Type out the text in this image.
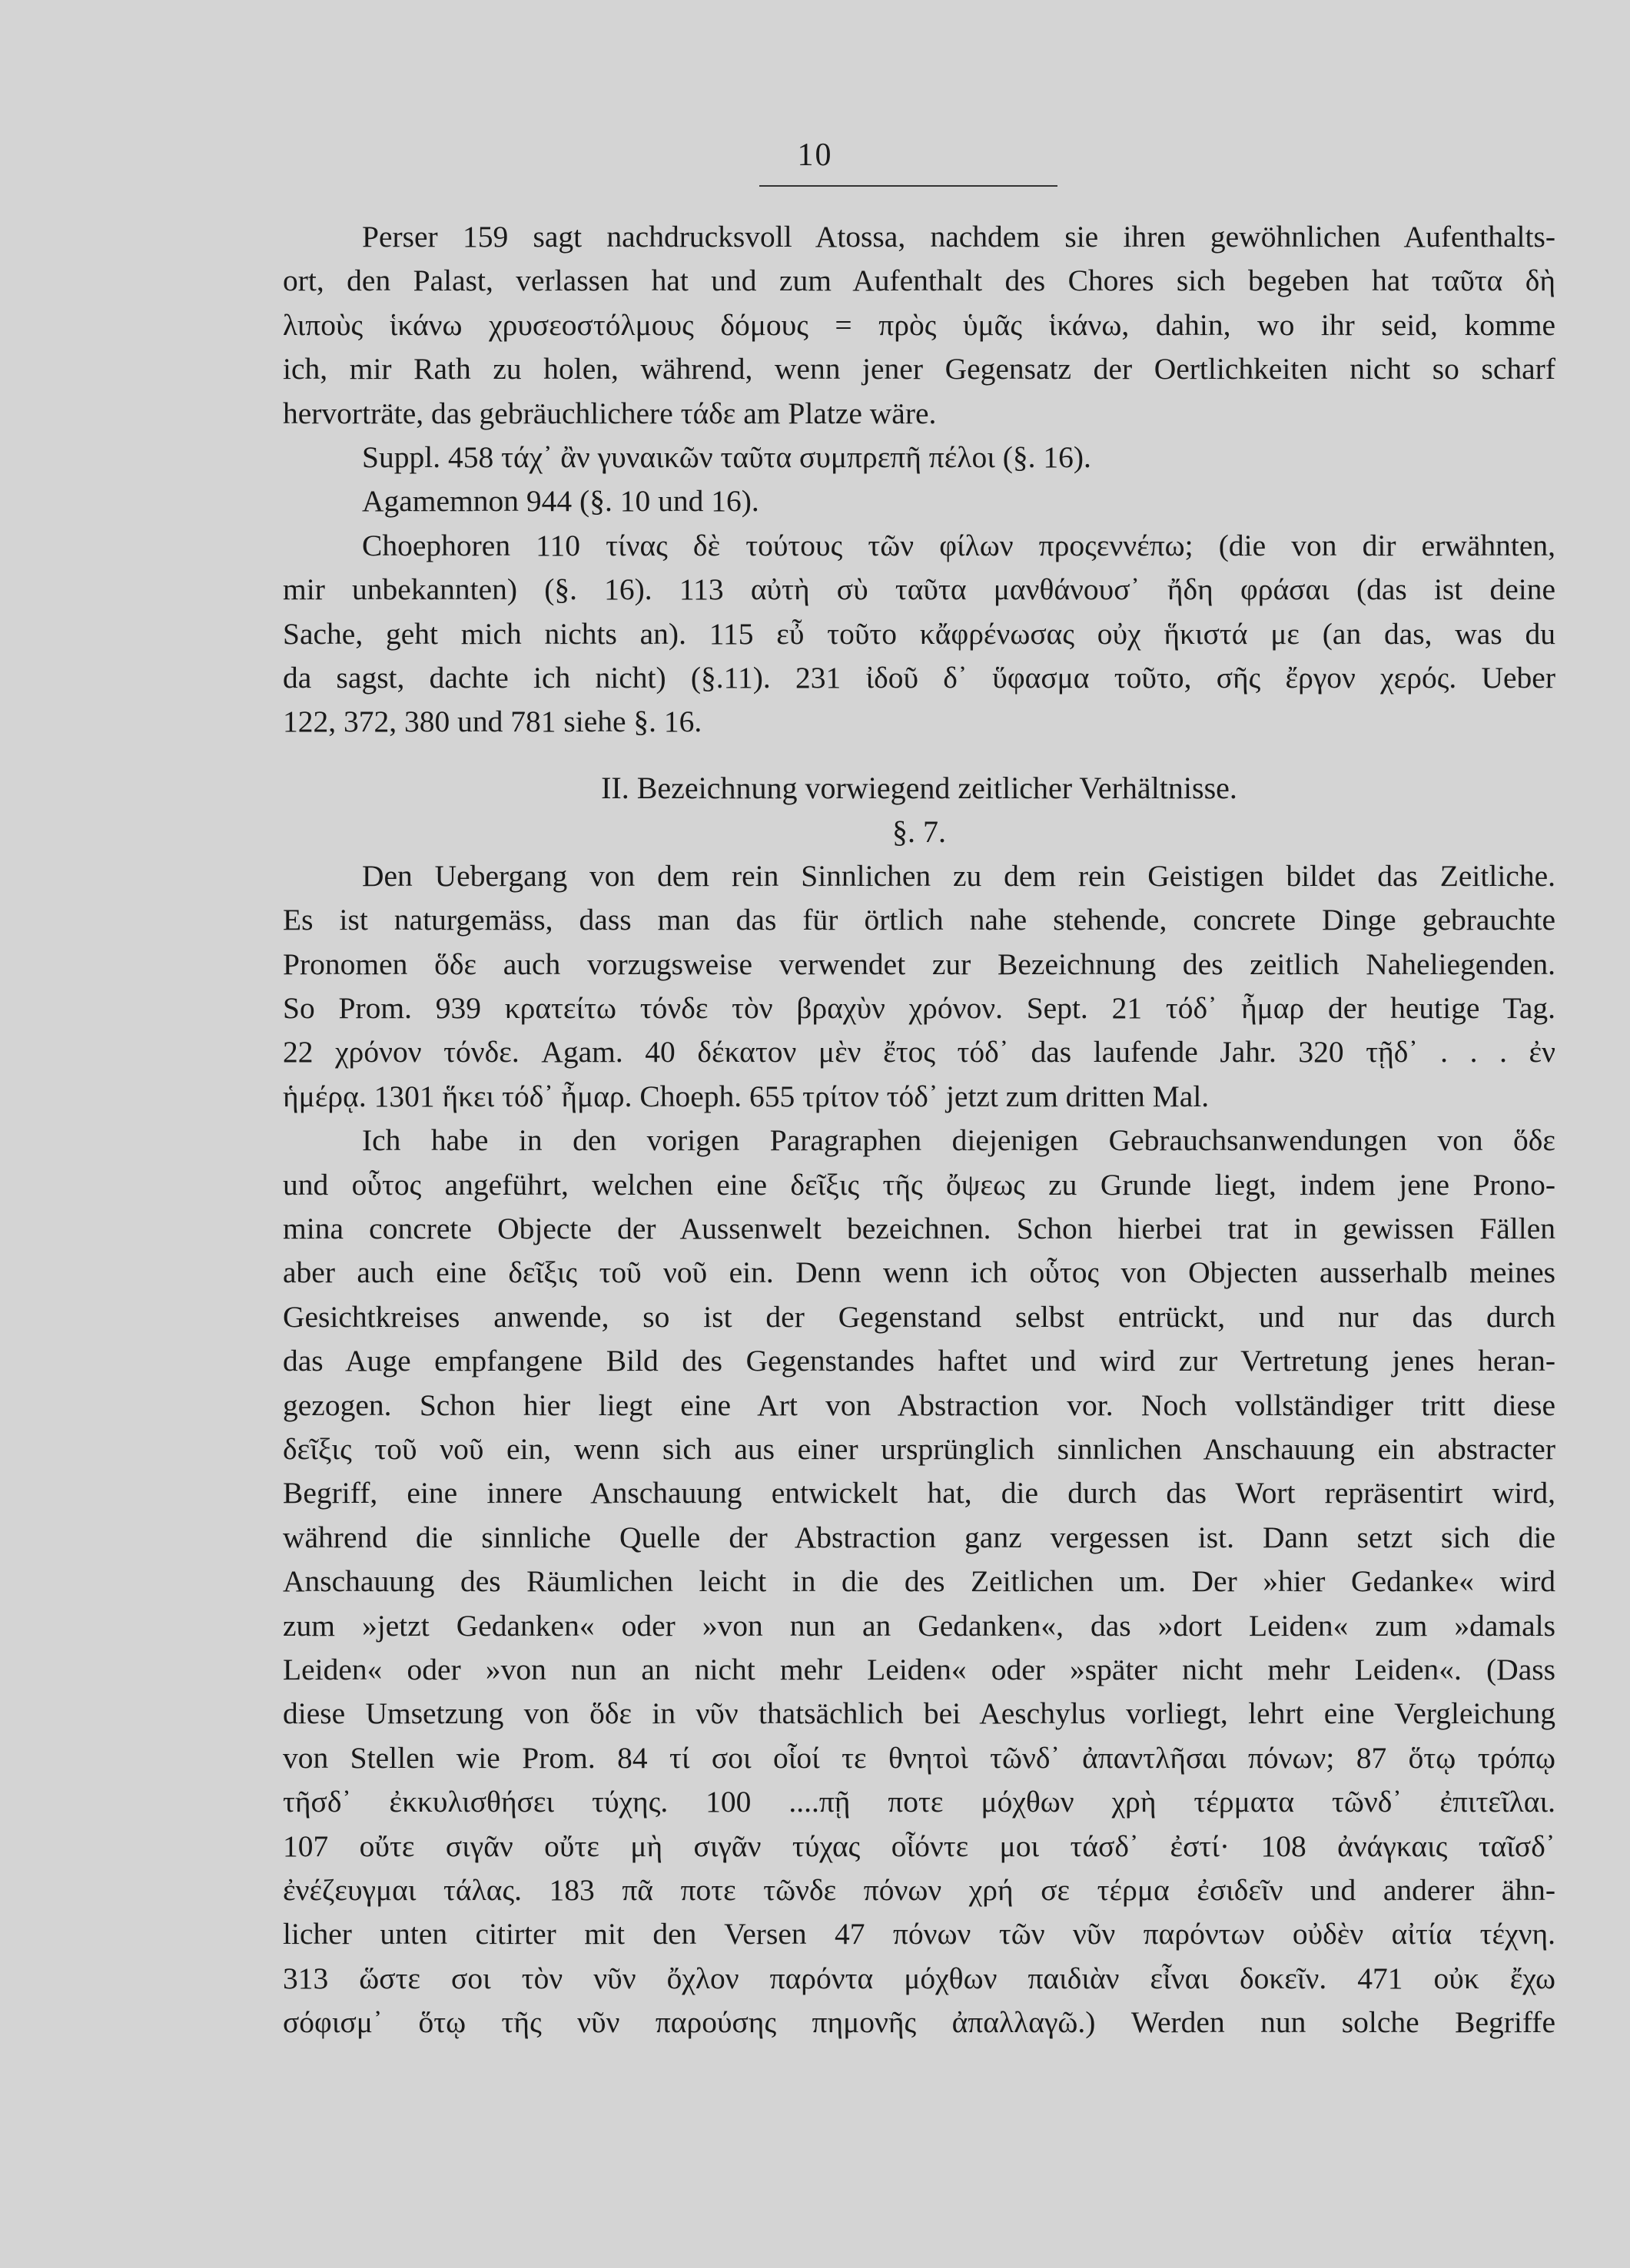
10
Perser 159 sagt nachdrucksvoll Atossa, nachdem sie ihren gewöhnlichen Aufenthalts-
ort, den Palast, verlassen hat und zum Aufenthalt des Chores sich begeben hat ταῦτα δὴ
λιποὺς ἱκάνω χρυσεοστόλμους δόμους = πρὸς ὑμᾶς ἱκάνω, dahin, wo ihr seid, komme
ich, mir Rath zu holen, während, wenn jener Gegensatz der Oertlichkeiten nicht so scharf
hervorträte, das gebräuchlichere τάδε am Platze wäre.
Suppl. 458 τάχ᾽ ἂν γυναικῶν ταῦτα συμπρεπῆ πέλοι (§. 16).
Agamemnon 944 (§. 10 und 16).
Choephoren 110 τίνας δὲ τούτους τῶν φίλων προςεννέπω; (die von dir erwähnten,
mir unbekannten) (§. 16). 113 αὐτὴ σὺ ταῦτα μανθάνουσ᾽ ἤδη φράσαι (das ist deine
Sache, geht mich nichts an). 115 εὖ τοῦτο κἄφρένωσας οὐχ ἥκιστά με (an das, was du
da sagst, dachte ich nicht) (§.11). 231 ἰδοῦ δ᾽ ὕφασμα τοῦτο, σῆς ἔργον χερός. Ueber
122, 372, 380 und 781 siehe §. 16.
II. Bezeichnung vorwiegend zeitlicher Verhältnisse.
§. 7.
Den Uebergang von dem rein Sinnlichen zu dem rein Geistigen bildet das Zeitliche.
Es ist naturgemäss, dass man das für örtlich nahe stehende, concrete Dinge gebrauchte
Pronomen ὅδε auch vorzugsweise verwendet zur Bezeichnung des zeitlich Naheliegenden.
So Prom. 939 κρατείτω τόνδε τὸν βραχὺν χρόνον. Sept. 21 τόδ᾽ ἦμαρ der heutige Tag.
22 χρόνον τόνδε. Agam. 40 δέκατον μὲν ἔτος τόδ᾽ das laufende Jahr. 320 τῇδ᾽ . . . ἐν
ἡμέρᾳ. 1301 ἥκει τόδ᾽ ἦμαρ. Choeph. 655 τρίτον τόδ᾽ jetzt zum dritten Mal.
Ich habe in den vorigen Paragraphen diejenigen Gebrauchsanwendungen von ὅδε
und οὗτος angeführt, welchen eine δεῖξις τῆς ὄψεως zu Grunde liegt, indem jene Prono-
mina concrete Objecte der Aussenwelt bezeichnen. Schon hierbei trat in gewissen Fällen
aber auch eine δεῖξις τοῦ νοῦ ein. Denn wenn ich οὗτος von Objecten ausserhalb meines
Gesichtkreises anwende, so ist der Gegenstand selbst entrückt, und nur das durch
das Auge empfangene Bild des Gegenstandes haftet und wird zur Vertretung jenes heran-
gezogen. Schon hier liegt eine Art von Abstraction vor. Noch vollständiger tritt diese
δεῖξις τοῦ νοῦ ein, wenn sich aus einer ursprünglich sinnlichen Anschauung ein abstracter
Begriff, eine innere Anschauung entwickelt hat, die durch das Wort repräsentirt wird,
während die sinnliche Quelle der Abstraction ganz vergessen ist. Dann setzt sich die
Anschauung des Räumlichen leicht in die des Zeitlichen um. Der »hier Gedanke« wird
zum »jetzt Gedanken« oder »von nun an Gedanken«, das »dort Leiden« zum »damals
Leiden« oder »von nun an nicht mehr Leiden« oder »später nicht mehr Leiden«. (Dass
diese Umsetzung von ὅδε in νῦν thatsächlich bei Aeschylus vorliegt, lehrt eine Vergleichung
von Stellen wie Prom. 84 τί σοι οἷοί τε θνητοὶ τῶνδ᾽ ἀπαντλῆσαι πόνων; 87 ὅτῳ τρόπῳ
τῆσδ᾽ ἐκκυλισθήσει τύχης. 100 ....πῇ ποτε μόχθων χρὴ τέρματα τῶνδ᾽ ἐπιτεῖλαι.
107 οὔτε σιγᾶν οὔτε μὴ σιγᾶν τύχας οἷόντε μοι τάσδ᾽ ἐστί· 108 ἀνάγκαις ταῖσδ᾽
ἐνέζευγμαι τάλας. 183 πᾶ ποτε τῶνδε πόνων χρή σε τέρμα ἐσιδεῖν und anderer ähn-
licher unten citirter mit den Versen 47 πόνων τῶν νῦν παρόντων οὐδὲν αἰτία τέχνη.
313 ὥστε σοι τὸν νῦν ὄχλον παρόντα μόχθων παιδιὰν εἶναι δοκεῖν. 471 οὐκ ἔχω
σόφισμ᾽ ὅτῳ τῆς νῦν παρούσης πημονῆς ἀπαλλαγῶ.) Werden nun solche Begriffe
